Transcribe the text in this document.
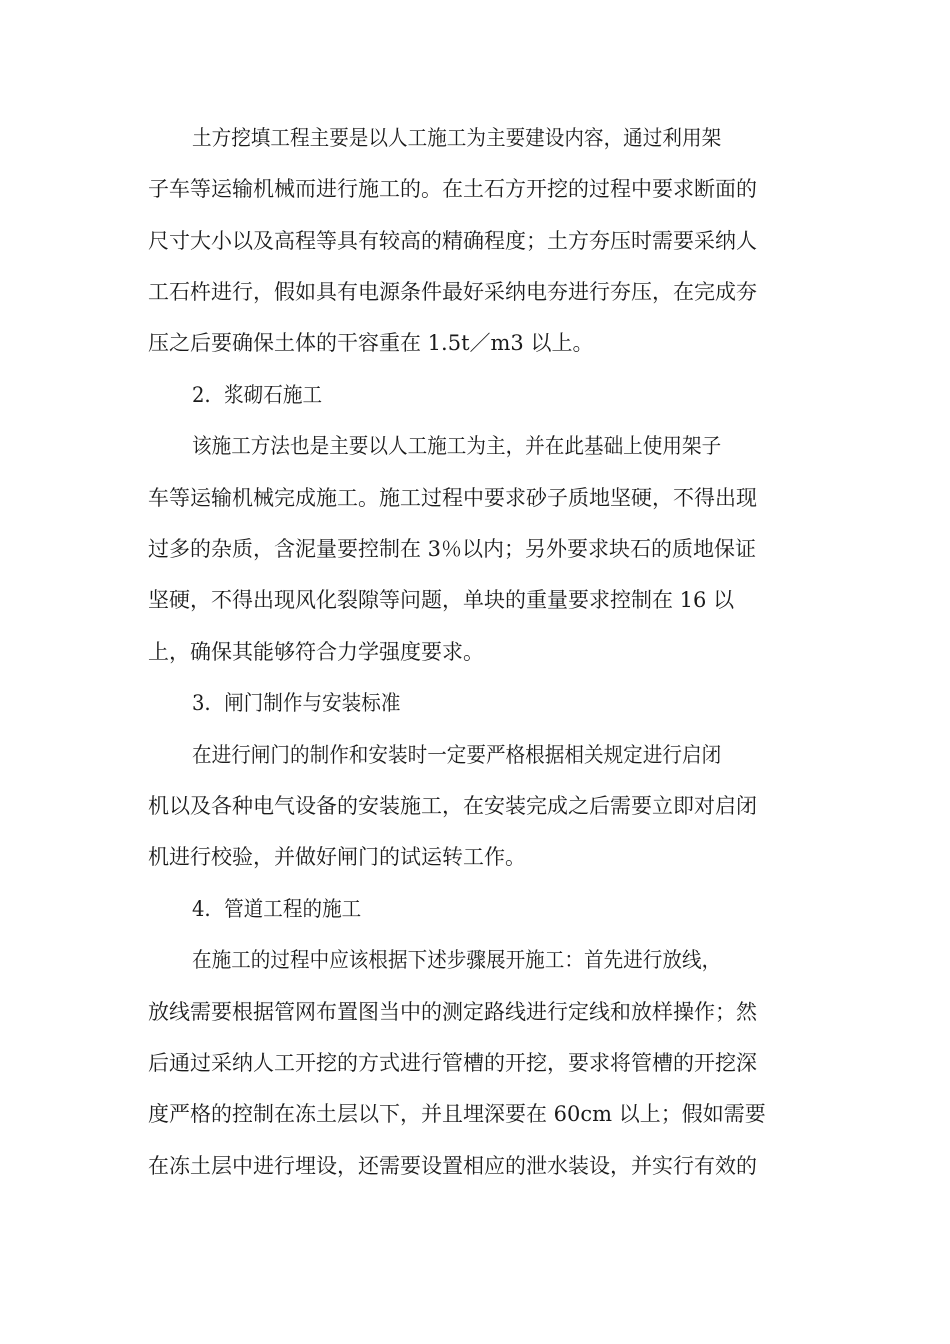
土方挖填工程主要是以人工施工为主要建设内容，通过利用架
子车等运输机械而进行施工的。在土石方开挖的过程中要求断面的
尺寸大小以及高程等具有较高的精确程度；土方夯压时需要采纳人
工石杵进行，假如具有电源条件最好采纳电夯进行夯压，在完成夯
压之后要确保土体的干容重在 1.5t／m3 以上。
2．浆砌石施工
该施工方法也是主要以人工施工为主，并在此基础上使用架子
车等运输机械完成施工。施工过程中要求砂子质地坚硬，不得出现
过多的杂质，含泥量要控制在 3％以内；另外要求块石的质地保证
坚硬，不得出现风化裂隙等问题，单块的重量要求控制在 16 以
上，确保其能够符合力学强度要求。
3．闸门制作与安装标准
在进行闸门的制作和安装时一定要严格根据相关规定进行启闭
机以及各种电气设备的安装施工，在安装完成之后需要立即对启闭
机进行校验，并做好闸门的试运转工作。
4．管道工程的施工
在施工的过程中应该根据下述步骤展开施工：首先进行放线，
放线需要根据管网布置图当中的测定路线进行定线和放样操作；然
后通过采纳人工开挖的方式进行管槽的开挖，要求将管槽的开挖深
度严格的控制在冻土层以下，并且埋深要在 60cm 以上；假如需要
在冻土层中进行埋设，还需要设置相应的泄水装设，并实行有效的
